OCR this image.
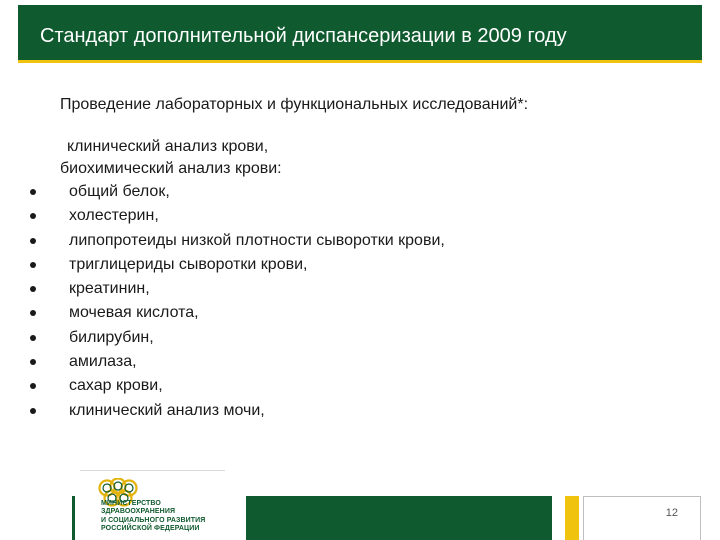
Стандарт дополнительной диспансеризации в 2009 году
Проведение лабораторных и функциональных исследований*:
клинический анализ крови,
биохимический анализ крови:
общий белок,
холестерин,
липопротеиды низкой плотности сыворотки крови,
триглицериды сыворотки крови,
креатинин,
мочевая кислота,
билирубин,
амилаза,
сахар крови,
клинический анализ мочи,
МИНИСТЕРСТВО
ЗДРАВООХРАНЕНИЯ
И СОЦИАЛЬНОГО РАЗВИТИЯ
РОССИЙСКОЙ ФЕДЕРАЦИИ
12
